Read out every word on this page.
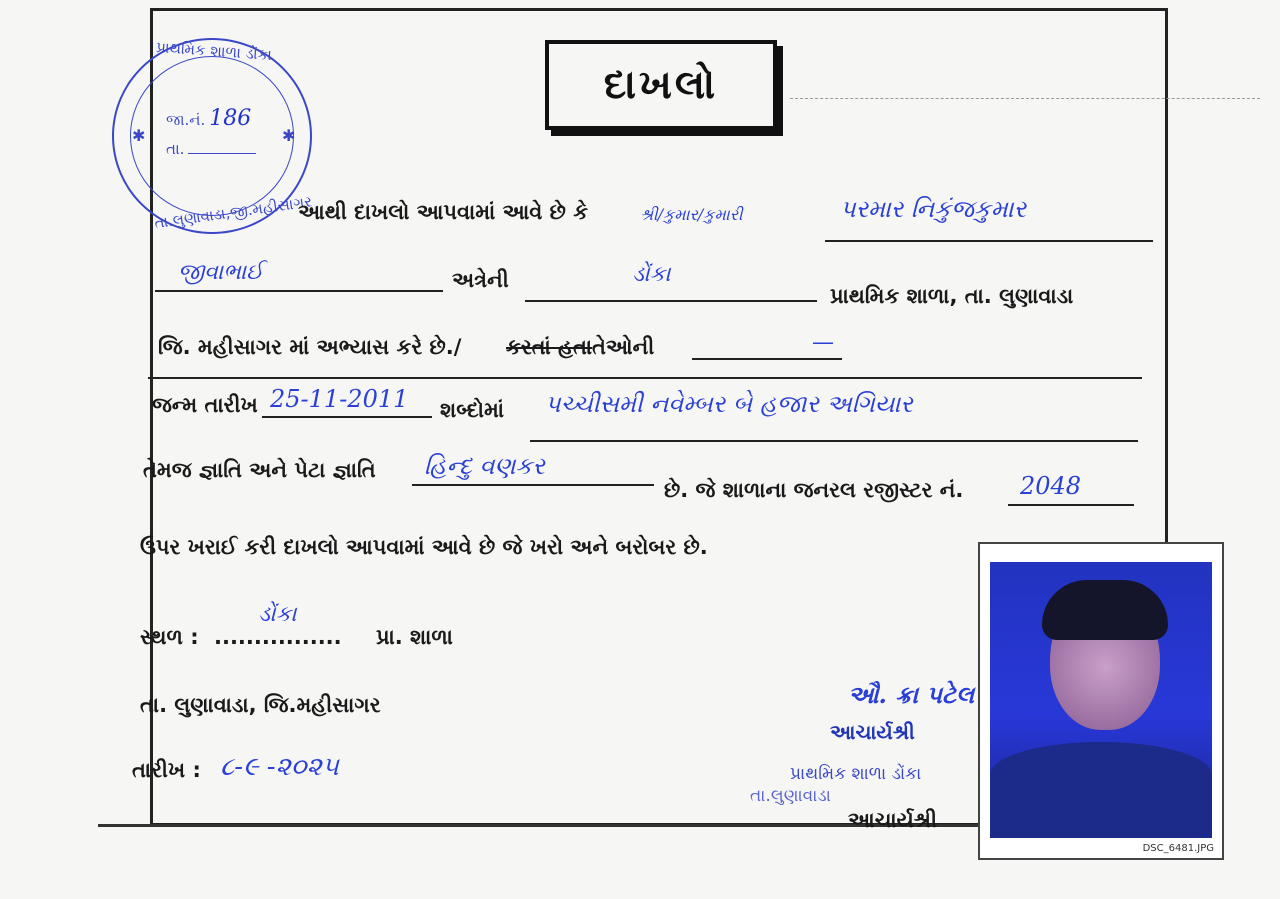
પ્રાથમિક શાળા ડોંકા
જા.નં. 186
તા.
તા.લુણાવાડા,જી.મહીસાગર
✱	✱
દાખલો
આથી દાખલો આપવામાં આવે છે કે	શ્રી/કુમાર/કુમારી	પરમાર નિકુંજકુમાર
જીવાભાઈ	અત્રેની	ડોંકા
પ્રાથમિક શાળા, તા. લુણાવાડા
જિ. મહીસાગર માં અભ્યાસ કરે છે./ કરતાં હતા તેઓની	—
જન્મ તારીખ 25-11-2011 શબ્દોમાં પચ્ચીસમી નવેમ્બર બે હજાર અગિયાર
તેમજ જ્ઞાતિ અને પેટા જ્ઞાતિ હિન્દુ વણકર
છે. જે શાળાના જનરલ રજીસ્ટર નં. 2048
ઉપર ખરાઈ કરી દાખલો આપવામાં આવે છે જે ખરો અને બરોબર છે.
સ્થળ : ................
ડોંકા
પ્રા. શાળા
તા. લુણાવાડા, જિ.મહીસાગર
તારીખ : ૮-૯ -૨૦૨૫
ઔ. ક્રા પટેલ
આચાર્યશ્રી
પ્રાથમિક શાળા ડોંકા
તા.લુણાવાડા
આચાર્યશ્રી
DSC_6481.JPG
